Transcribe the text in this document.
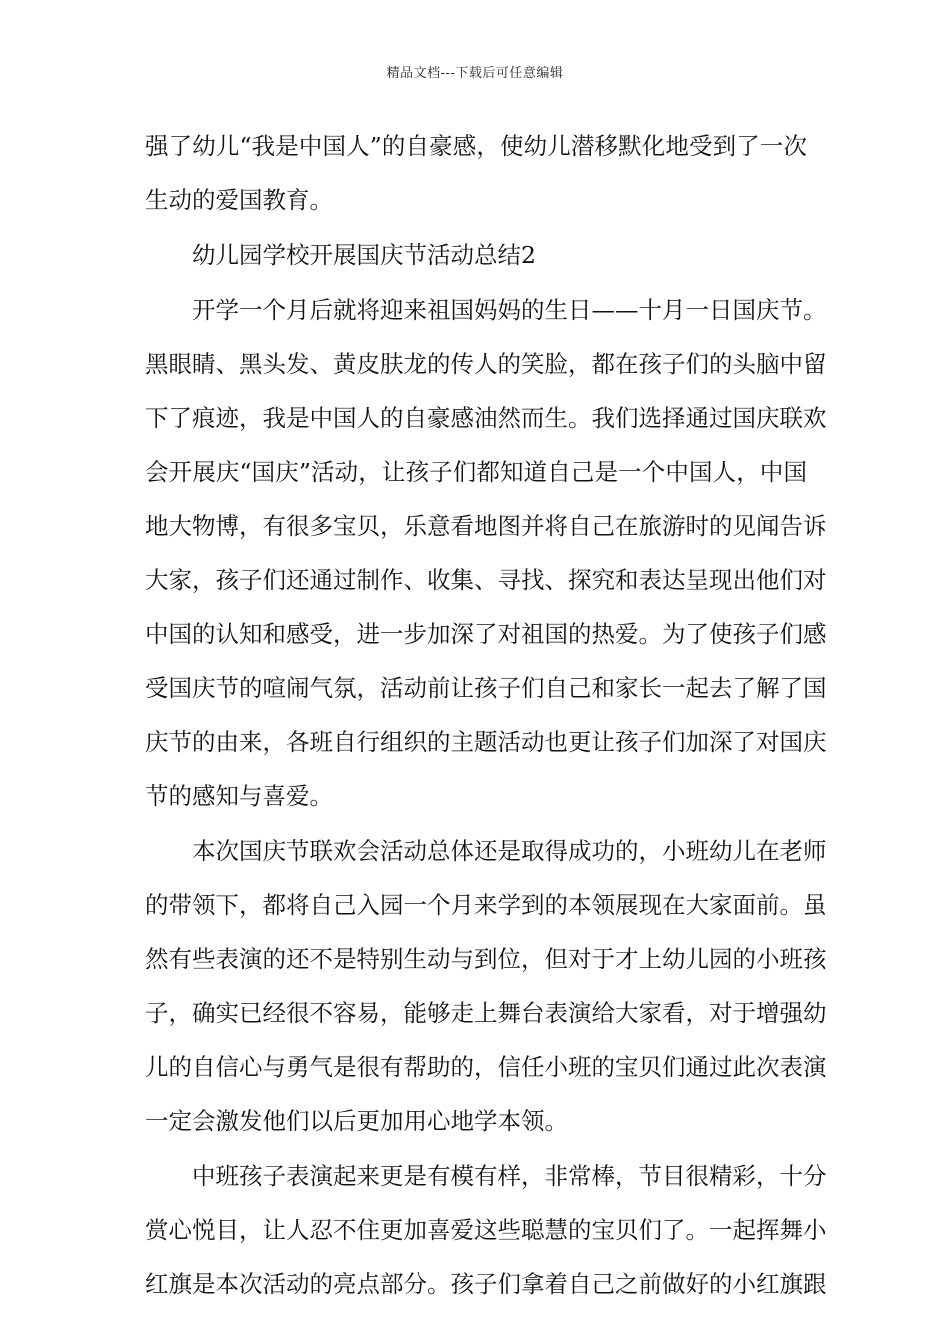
精品文档---下载后可任意编辑
强了幼儿“我是中国人”的自豪感，使幼儿潜移默化地受到了一次
生动的爱国教育。
幼儿园学校开展国庆节活动总结2
开学一个月后就将迎来祖国妈妈的生日——十月一日国庆节。
黑眼睛、黑头发、黄皮肤龙的传人的笑脸，都在孩子们的头脑中留
下了痕迹，我是中国人的自豪感油然而生。我们选择通过国庆联欢
会开展庆“国庆”活动，让孩子们都知道自己是一个中国人，中国
地大物博，有很多宝贝，乐意看地图并将自己在旅游时的见闻告诉
大家，孩子们还通过制作、收集、寻找、探究和表达呈现出他们对
中国的认知和感受，进一步加深了对祖国的热爱。为了使孩子们感
受国庆节的喧闹气氛，活动前让孩子们自己和家长一起去了解了国
庆节的由来，各班自行组织的主题活动也更让孩子们加深了对国庆
节的感知与喜爱。
本次国庆节联欢会活动总体还是取得成功的，小班幼儿在老师
的带领下，都将自己入园一个月来学到的本领展现在大家面前。虽
然有些表演的还不是特别生动与到位，但对于才上幼儿园的小班孩
子，确实已经很不容易，能够走上舞台表演给大家看，对于增强幼
儿的自信心与勇气是很有帮助的，信任小班的宝贝们通过此次表演
一定会激发他们以后更加用心地学本领。
中班孩子表演起来更是有模有样，非常棒，节目很精彩，十分
赏心悦目，让人忍不住更加喜爱这些聪慧的宝贝们了。一起挥舞小
红旗是本次活动的亮点部分。孩子们拿着自己之前做好的小红旗跟
